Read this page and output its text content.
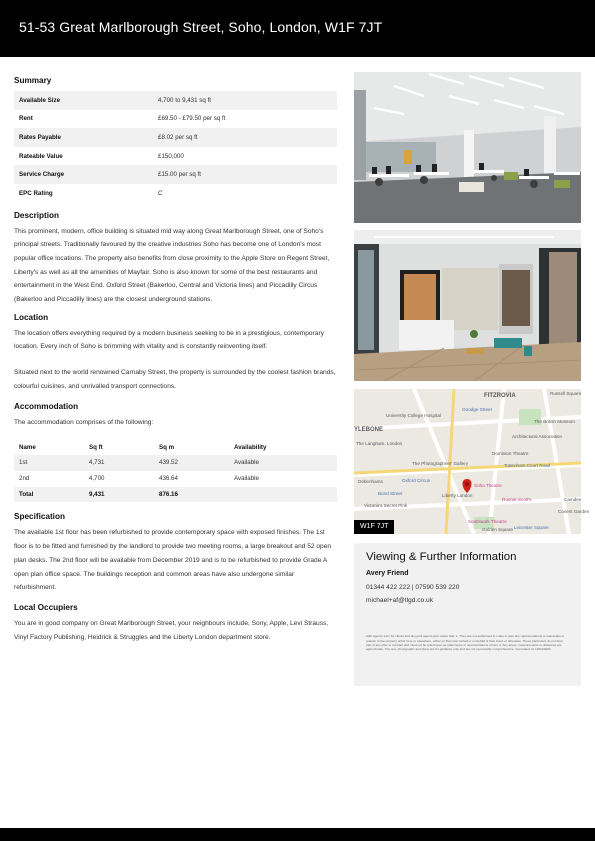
51-53 Great Marlborough Street, Soho, London, W1F 7JT
Summary
Available Size	4,700 to 9,431 sq ft
Rent	£69.50 - £79.50 per sq ft
Rates Payable	£8.02 per sq ft
Rateable Value	£150,000
Service Charge	£15.00 per sq ft
EPC Rating	C
Description

This prominent, modern, office building is situated mid way along Great Marlborough Street, one of Soho's principal streets. Traditionally favoured by the creative industries Soho has become one of London's most popular office locations. The property also benefits from close proximity to the Apple Store on Regent Street, Liberty's as well as all the amenities of Mayfair. Soho is also known for some of the best restaurants and entertainment in the West End. Oxford Street (Bakerloo, Central and Victoria lines) and Piccadilly Circus (Bakerloo and Piccadilly lines) are the closest underground stations.

Location

The location offers everything required by a modern business seeking to be in a prestigious, contemporary location. Every inch of Soho is brimming with vitality and is constantly reinventing itself.

Situated next to the world renowned Carnaby Street, the property is surrounded by the coolest fashion brands, colourful cuisines, and unrivalled transport connections.

Accommodation

The accommodation comprises of the following:

Name	Sq ft	Sq m	Availability
1st	4,731	439.52	Available
2nd	4,700	436.64	Available
Total	9,431	876.16	
Specification

The available 1st floor has been refurbished to provide contemporary space with exposed finishes. The 1st floor is to be fitted and furnished by the landlord to provide two meeting rooms, a large breakout and 52 open plan desks. The 2nd floor will be available from December 2019 and is to be refurbished to provide Grade A open plan office space. The buildings reception and common areas have also undergone similar refurbishment.

Local Occupiers

You are in good company on Great Marlborough Street, your neighbours include, Sony, Apple, Levi Strauss, Vinyl Factory Publishing, Heidrick & Struggles and the Liberty London department store.

FITZROVIA
Goodge Street
Russell Square
The British Museum
Architectural Association
Dominion Theatre
Tottenham Court Road
Soho Theatre
Liberty London
Ronnie Scott's	Camden
Covent Garden
Golden Square
Southwark Theatre
Oxford Circus
The Photographers' Gallery
YLEBONE
Bond Street
Victoria's Secret Pink
The Langham, London
Debenhams
University College Hospital
Leicester Square
W1F 7JT
Viewing & Further Information
Avery Friend
01344 422 222 | 07590 539 220
michael+af@tlgd.co.uk

A&F Agency LLP, for clients and any joint agents give notice that: 1. They are not authorised to make or give any representations or warranties in relation to the property either here or elsewhere, either on their own behalf or on behalf of their client or otherwise. These particulars do not form part of any offer or contract and must not be relied upon as statements or representations of fact. 2. Any areas, measurements or distances are approximate. The text, photographs and plans are for guidance only and are not necessarily comprehensive. Generated on 19/04/2020
